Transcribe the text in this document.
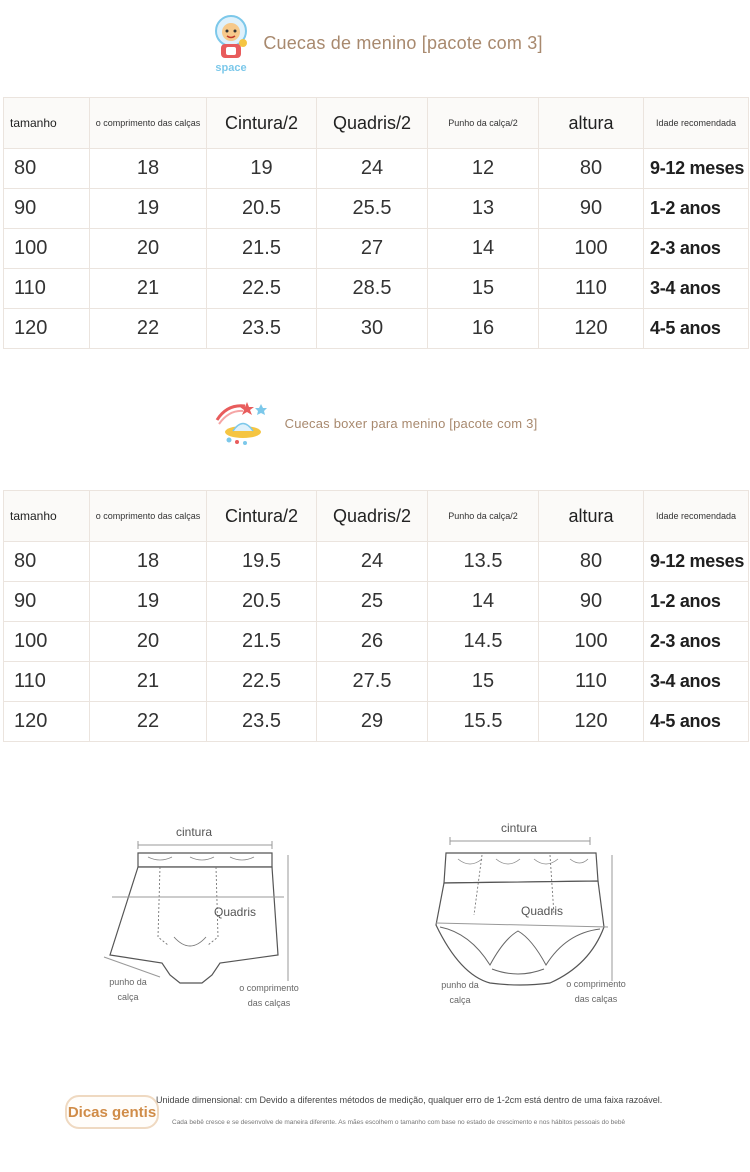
space
Cuecas de menino [pacote com 3]
tamanho	o comprimento das calças	Cintura/2	Quadris/2	Punho da calça/2	altura	Idade recomendada
80	18	19	24	12	80	9-12 meses
90	19	20.5	25.5	13	90	1-2 anos
100	20	21.5	27	14	100	2-3 anos
110	21	22.5	28.5	15	110	3-4 anos
120	22	23.5	30	16	120	4-5 anos
Cuecas boxer para menino [pacote com 3]
tamanho	o comprimento das calças	Cintura/2	Quadris/2	Punho da calça/2	altura	Idade recomendada
80	18	19.5	24	13.5	80	9-12 meses
90	19	20.5	25	14	90	1-2 anos
100	20	21.5	26	14.5	100	2-3 anos
110	21	22.5	27.5	15	110	3-4 anos
120	22	23.5	29	15.5	120	4-5 anos
cintura
Quadris
punho da
calça
o comprimento
das calças
cintura
Quadris
punho da calça
o comprimento
das calças
Dicas gentis
Unidade dimensional: cm Devido a diferentes métodos de medição, qualquer erro de 1-2cm está dentro de uma faixa razoável.
Cada bebê cresce e se desenvolve de maneira diferente. As mães escolhem o tamanho com base no estado de crescimento e nos hábitos pessoais do bebê
